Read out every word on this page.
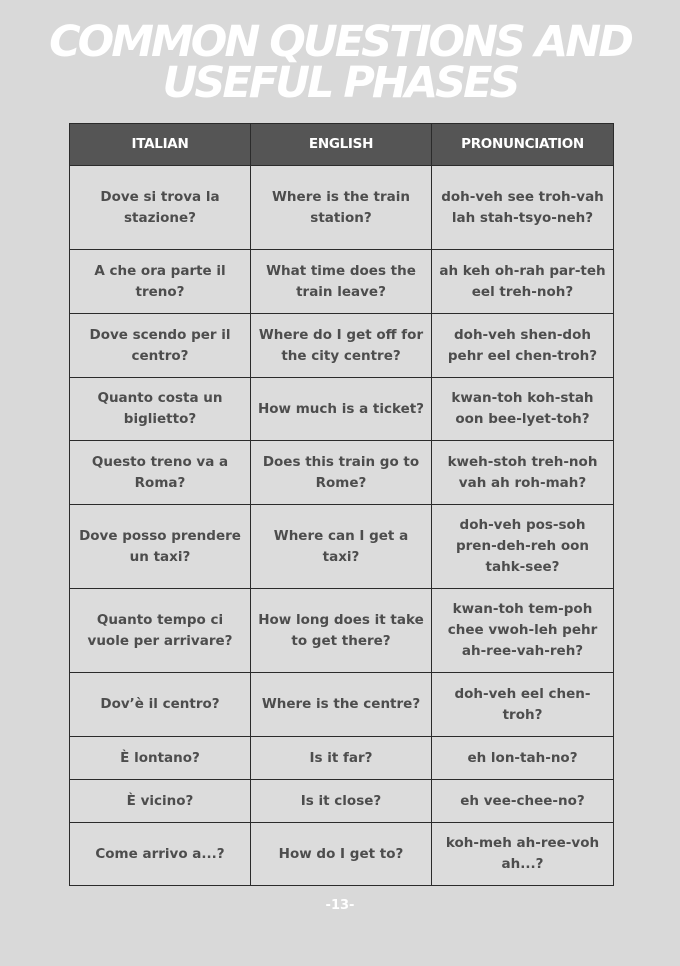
COMMON QUESTIONS AND
USEFUL PHASES
ITALIAN	ENGLISH	PRONUNCIATION
Dove si trova la stazione?	Where is the train station?	doh-veh see troh-vah lah stah-tsyo-neh?
A che ora parte il treno?	What time does the train leave?	ah keh oh-rah par-teh eel treh-noh?
Dove scendo per il centro?	Where do I get off for the city centre?	doh-veh shen-doh pehr eel chen-troh?
Quanto costa un biglietto?	How much is a ticket?	kwan-toh koh-stah oon bee-lyet-toh?
Questo treno va a Roma?	Does this train go to Rome?	kweh-stoh treh-noh vah ah roh-mah?
Dove posso prendere un taxi?	Where can I get a taxi?	doh-veh pos-soh pren-deh-reh oon tahk-see?
Quanto tempo ci vuole per arrivare?	How long does it take to get there?	kwan-toh tem-poh chee vwoh-leh pehr ah-ree-vah-reh?
Dov’è il centro?	Where is the centre?	doh-veh eel chen-troh?
È lontano?	Is it far?	eh lon-tah-no?
È vicino?	Is it close?	eh vee-chee-no?
Come arrivo a...?	How do I get to?	koh-meh ah-ree-voh ah...?
-13-
